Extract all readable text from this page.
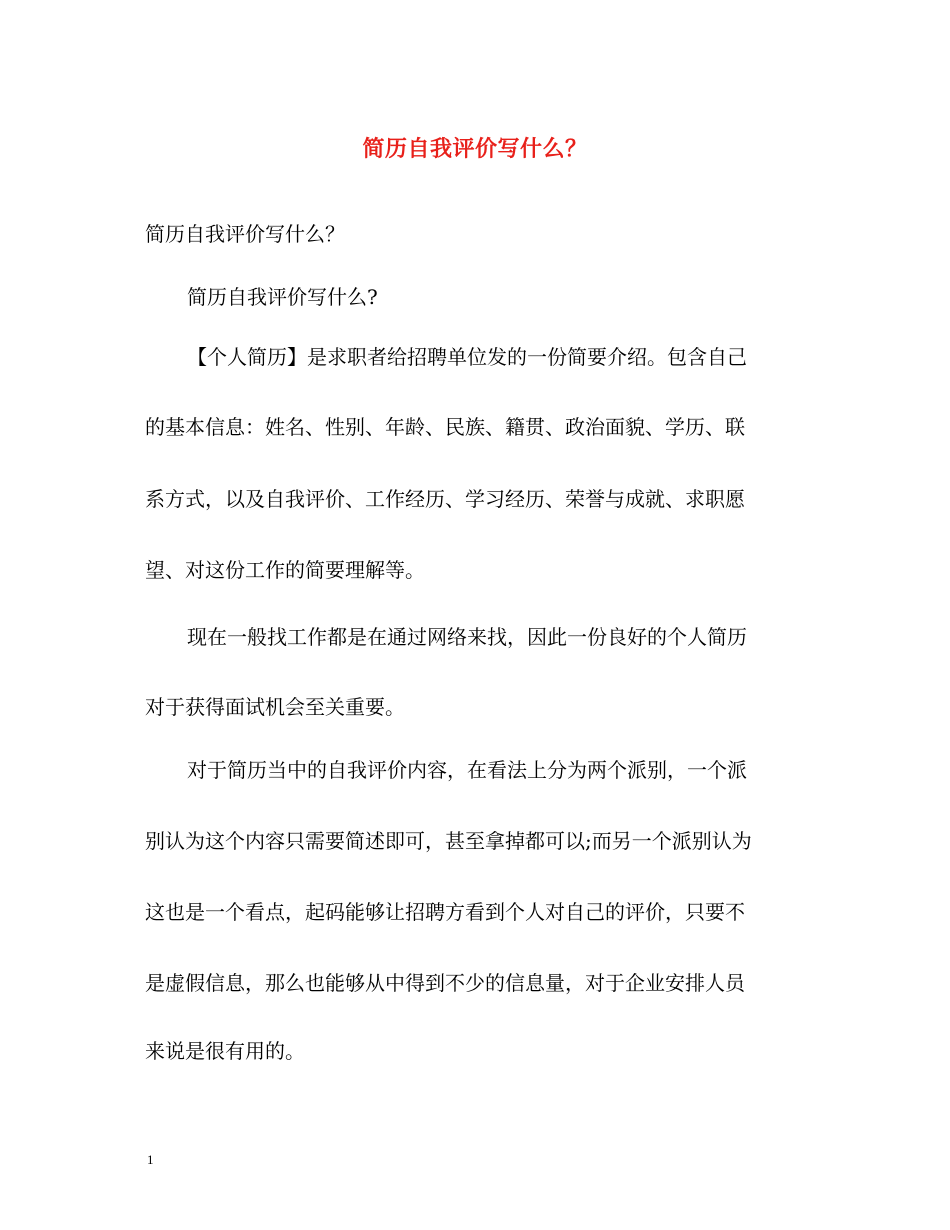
简历自我评价写什么？
简历自我评价写什么？
简历自我评价写什么?
【个人简历】是求职者给招聘单位发的一份简要介绍。包含自己
的基本信息：姓名、性别、年龄、民族、籍贯、政治面貌、学历、联
系方式，以及自我评价、工作经历、学习经历、荣誉与成就、求职愿
望、对这份工作的简要理解等。
现在一般找工作都是在通过网络来找，因此一份良好的个人简历
对于获得面试机会至关重要。
对于简历当中的自我评价内容，在看法上分为两个派别，一个派
别认为这个内容只需要简述即可，甚至拿掉都可以;而另一个派别认为
这也是一个看点，起码能够让招聘方看到个人对自己的评价，只要不
是虚假信息，那么也能够从中得到不少的信息量，对于企业安排人员
来说是很有用的。
1
